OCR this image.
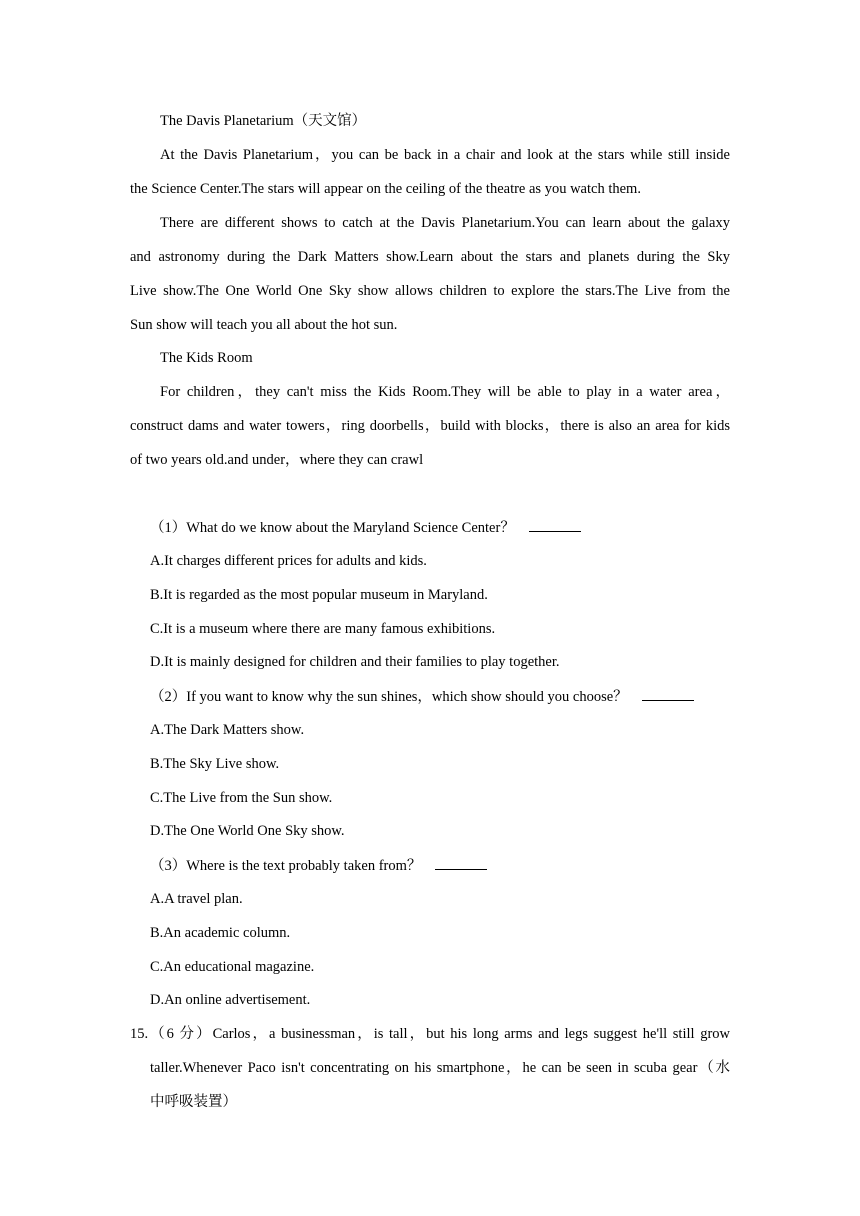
The Davis Planetarium（天文馆）
At the Davis Planetarium，you can be back in a chair and look at the stars while still inside
the Science Center.The stars will appear on the ceiling of the theatre as you watch them.
There are different shows to catch at the Davis Planetarium.You can learn about the galaxy
and astronomy during the Dark Matters show.Learn about the stars and planets during the Sky
Live show.The One World One Sky show allows children to explore the stars.The Live from the
Sun show will teach you all about the hot sun.
The Kids Room
For children，they can't miss the Kids Room.They will be able to play in a water area，
construct dams and water towers，ring doorbells，build with blocks，there is also an area for kids
of two years old.and under，where they can crawl
（1）What do we know about the Maryland Science Center？
A.It charges different prices for adults and kids.
B.It is regarded as the most popular museum in Maryland.
C.It is a museum where there are many famous exhibitions.
D.It is mainly designed for children and their families to play together.
（2）If you want to know why the sun shines，which show should you choose？
A.The Dark Matters show.
B.The Sky Live show.
C.The Live from the Sun show.
D.The One World One Sky show.
（3）Where is the text probably taken from？
A.A travel plan.
B.An academic column.
C.An educational magazine.
D.An online advertisement.
15.（6 分）Carlos，a businessman，is tall，but his long arms and legs suggest he'll still grow
taller.Whenever Paco isn't concentrating on his smartphone，he can be seen in scuba gear（水
中呼吸装置）
